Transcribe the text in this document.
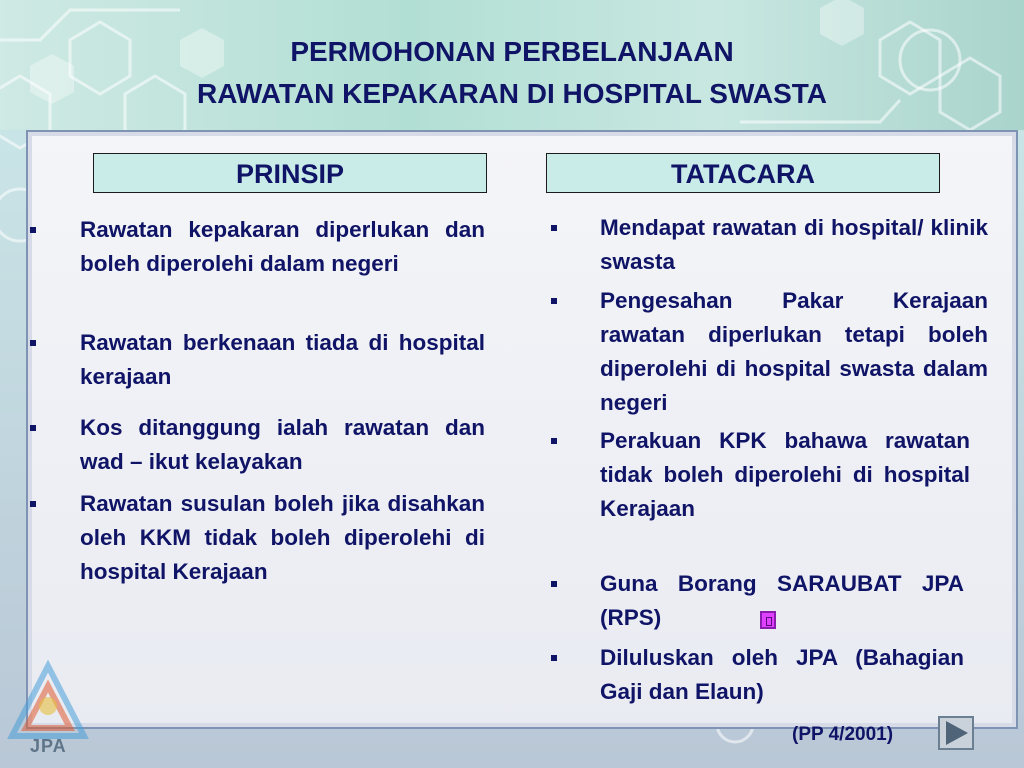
PERMOHONAN PERBELANJAAN
RAWATAN KEPAKARAN DI HOSPITAL SWASTA
PRINSIP	TATACARA
Rawatan kepakaran diperlukan dan boleh diperolehi dalam negeri
Rawatan berkenaan tiada di hospital kerajaan
Kos ditanggung ialah rawatan dan wad – ikut kelayakan
Rawatan susulan boleh jika disahkan oleh KKM tidak boleh diperolehi di hospital Kerajaan
Mendapat rawatan di hospital/ klinik swasta
Pengesahan Pakar Kerajaan rawatan diperlukan tetapi boleh diperolehi di hospital swasta dalam negeri
Perakuan KPK bahawa rawatan tidak boleh diperolehi di hospital Kerajaan
Guna Borang SARAUBAT JPA (RPS)
Diluluskan oleh JPA (Bahagian Gaji dan Elaun)
(PP 4/2001)
JPA
